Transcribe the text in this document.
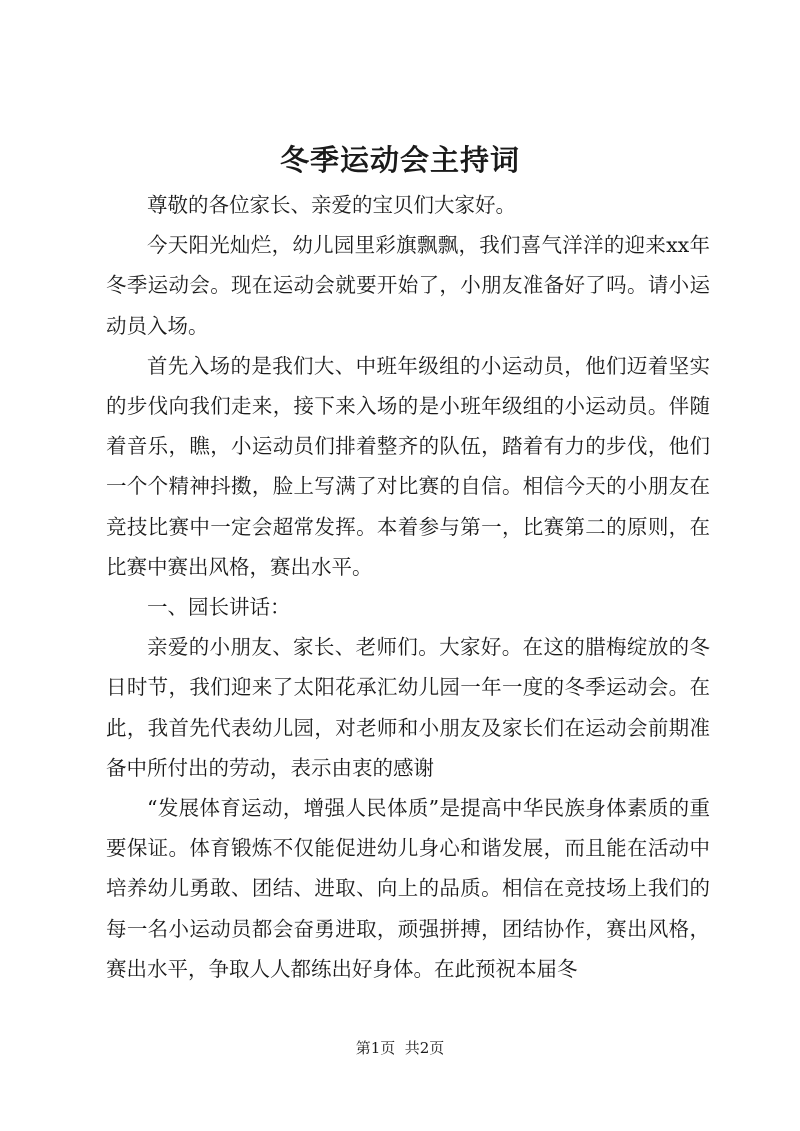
冬季运动会主持词

尊敬的各位家长、亲爱的宝贝们大家好。

今天阳光灿烂，幼儿园里彩旗飘飘，我们喜气洋洋的迎来xx年冬季运动会。现在运动会就要开始了，小朋友准备好了吗。请小运动员入场。

首先入场的是我们大、中班年级组的小运动员，他们迈着坚实的步伐向我们走来，接下来入场的是小班年级组的小运动员。伴随着音乐，瞧，小运动员们排着整齐的队伍，踏着有力的步伐，他们一个个精神抖擞，脸上写满了对比赛的自信。相信今天的小朋友在竞技比赛中一定会超常发挥。本着参与第一，比赛第二的原则，在比赛中赛出风格，赛出水平。

一、园长讲话：

亲爱的小朋友、家长、老师们。大家好。在这的腊梅绽放的冬日时节，我们迎来了太阳花承汇幼儿园一年一度的冬季运动会。在此，我首先代表幼儿园，对老师和小朋友及家长们在运动会前期准备中所付出的劳动，表示由衷的感谢

“发展体育运动，增强人民体质”是提高中华民族身体素质的重要保证。体育锻炼不仅能促进幼儿身心和谐发展，而且能在活动中培养幼儿勇敢、团结、进取、向上的品质。相信在竞技场上我们的每一名小运动员都会奋勇进取，顽强拼搏，团结协作，赛出风格，赛出水平，争取人人都练出好身体。在此预祝本届冬

第1页  共2页
